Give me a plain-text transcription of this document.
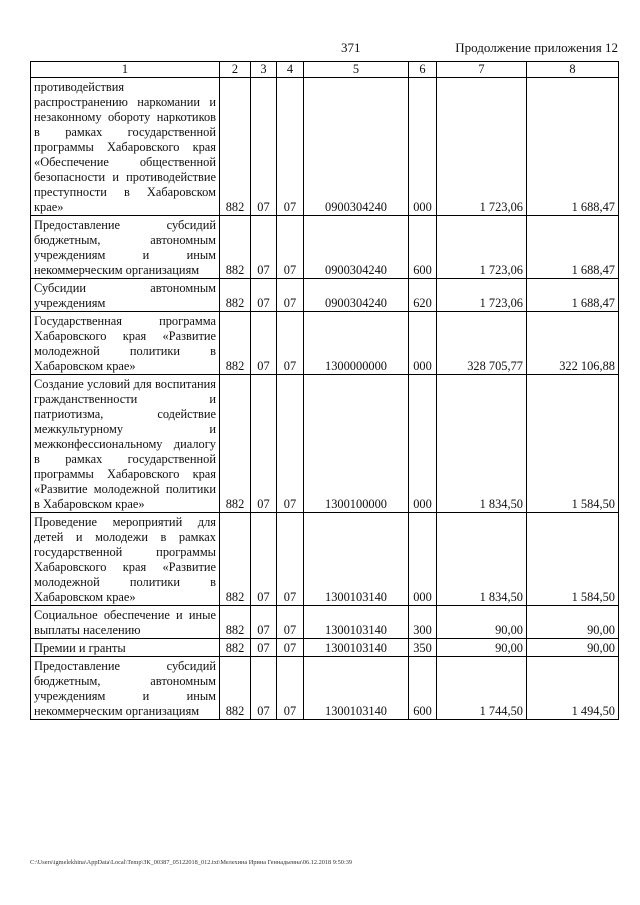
371	Продолжение приложения 12
1	2	3	4	5	6	7	8
противодействия распространению наркомании и незаконному обороту наркотиков в рамках государственной программы Хабаровского края «Обеспечение общественной безопасности и противодействие преступности в Хабаровском крае»	882	07	07	0900304240	000	1 723,06	1 688,47
Предоставление субсидий бюджетным, автономным учреждениям и иным некоммерческим организациям	882	07	07	0900304240	600	1 723,06	1 688,47
Субсидии автономным учреждениям	882	07	07	0900304240	620	1 723,06	1 688,47
Государственная программа Хабаровского края «Развитие молодежной политики в Хабаровском крае»	882	07	07	1300000000	000	328 705,77	322 106,88
Создание условий для воспитания гражданственности и патриотизма, содействие межкультурному и межконфессиональному диалогу в рамках государственной программы Хабаровского края «Развитие молодежной политики в Хабаровском крае»	882	07	07	1300100000	000	1 834,50	1 584,50
Проведение мероприятий для детей и молодежи в рамках государственной программы Хабаровского края «Развитие молодежной политики в Хабаровском крае»	882	07	07	1300103140	000	1 834,50	1 584,50
Социальное обеспечение и иные выплаты населению	882	07	07	1300103140	300	90,00	90,00
Премии и гранты	882	07	07	1300103140	350	90,00	90,00
Предоставление субсидий бюджетным, автономным учреждениям и иным некоммерческим организациям	882	07	07	1300103140	600	1 744,50	1 494,50
C:\Users\igmelekhina\AppData\Local\Temp\ЗК_00387_05122018_012.txt\Мелехина Ирина Геннадьевна\06.12.2018 9:50:39
